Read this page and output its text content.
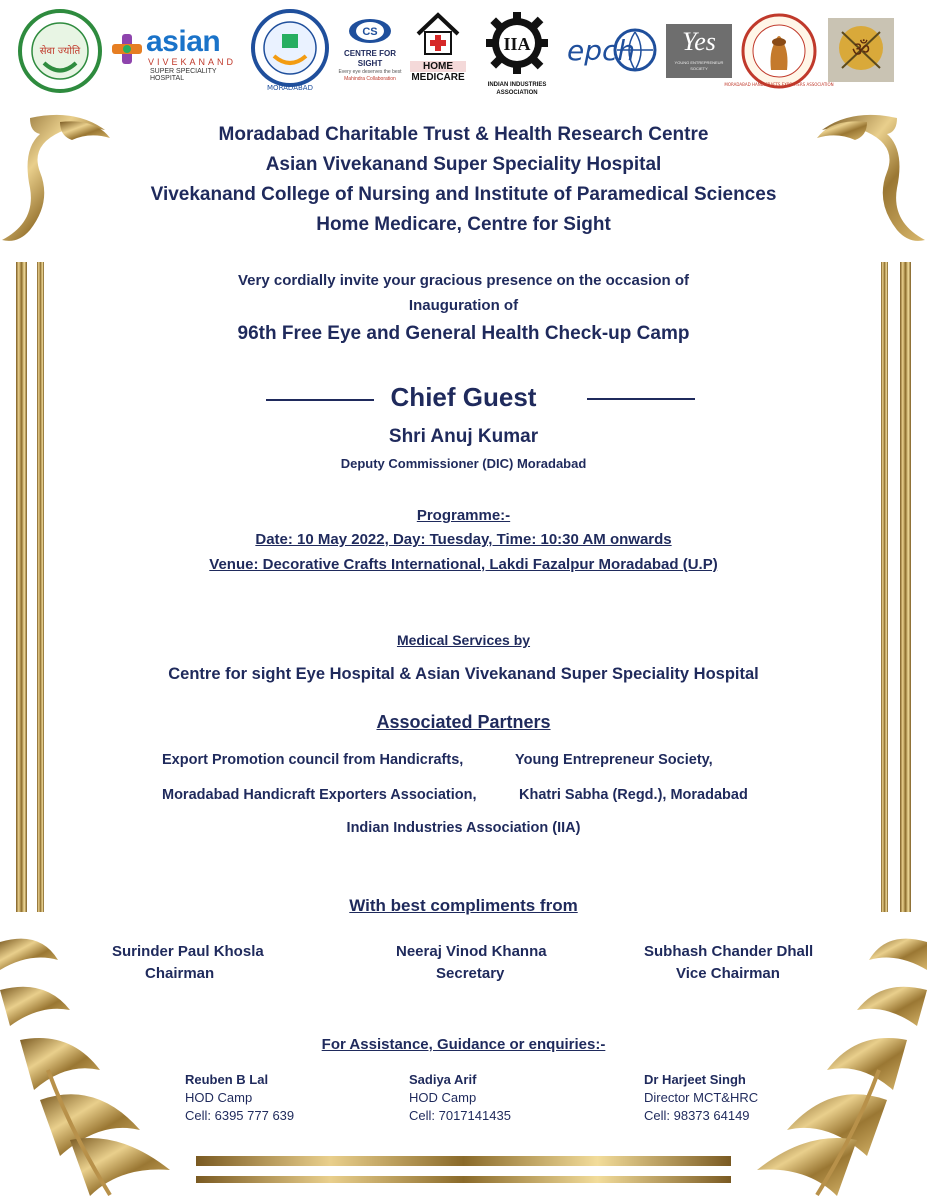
सेवा ज्योति asian
VIVEKANAND
SUPER SPECIALITY HOSPITAL
MORADABAD
CS
CENTRE FOR SIGHT
Every eye deserves the best
Mahindra Collaboration
HOME
MEDICARE
IIA
INDIAN INDUSTRIES ASSOCIATION
epch	Yes
YOUNG ENTREPRENEUR SOCIETY
MORADABAD HANDICRAFTS EXPORTERS ASSOCIATION
ॐ
Moradabad Charitable Trust & Health Research Centre
Asian Vivekanand Super Speciality Hospital
Vivekanand College of Nursing and Institute of Paramedical Sciences
Home Medicare, Centre for Sight
Very cordially invite your gracious presence on the occasion of
Inauguration of
96th Free Eye and General Health Check-up Camp
Chief Guest
Shri Anuj Kumar
Deputy Commissioner (DIC) Moradabad
Programme:-
Date: 10 May 2022, Day: Tuesday, Time: 10:30 AM onwards
Venue: Decorative Crafts International, Lakdi Fazalpur Moradabad (U.P)
Medical Services by
Centre for sight Eye Hospital & Asian Vivekanand Super Speciality Hospital
Associated Partners
Export Promotion council from Handicrafts,	Young Entrepreneur Society,
Moradabad Handicraft Exporters Association,	Khatri Sabha (Regd.), Moradabad
Indian Industries Association (IIA)
With best compliments from
Surinder Paul Khosla
Chairman
Neeraj Vinod Khanna
Secretary
Subhash Chander Dhall
Vice Chairman
For Assistance, Guidance or enquiries:-
Reuben B Lal
HOD Camp
Cell: 6395 777 639
Sadiya Arif
HOD Camp
Cell: 7017141435
Dr Harjeet Singh
Director MCT&HRC
Cell: 98373 64149
